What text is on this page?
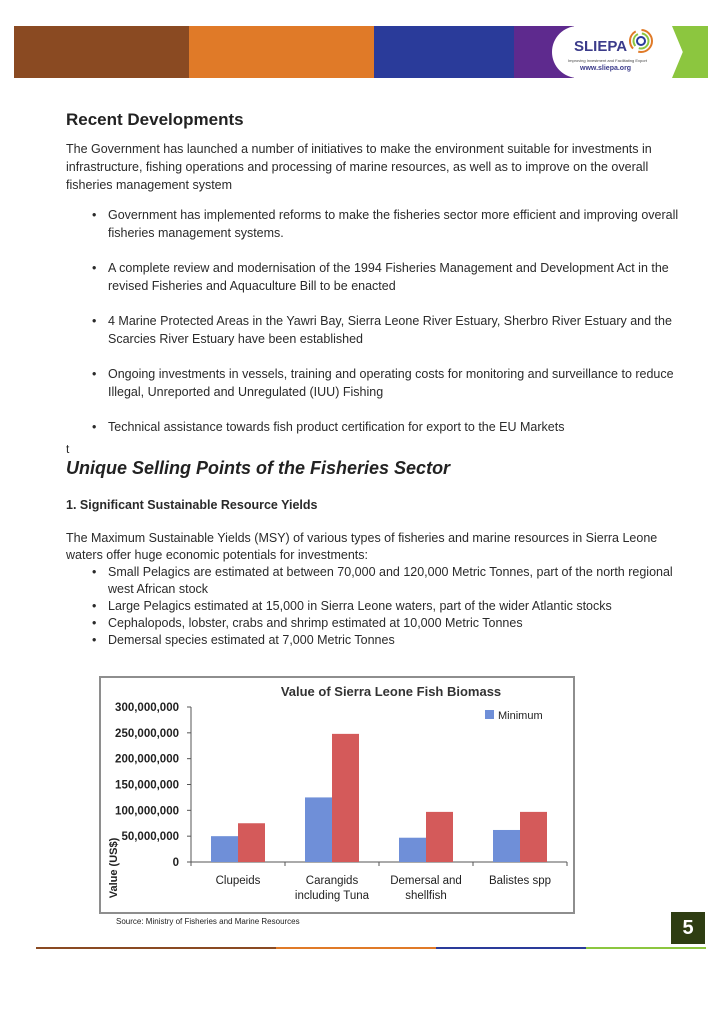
SLIEPA
Improving Investment and Facilitating Export
www.sliepa.org
Recent Developments

The Government has launched a number of initiatives to make the environment suitable for investments in infrastructure, fishing operations and processing of marine resources, as well as to improve on the overall fisheries management system

• Government has implemented reforms to make the fisheries sector more efficient and improving overall fisheries management systems.
• A complete review and modernisation of the 1994 Fisheries Management and Development Act in the revised Fisheries and Aquaculture Bill to be enacted
• 4 Marine Protected Areas in the Yawri Bay, Sierra Leone River Estuary, Sherbro River Estuary and the Scarcies River Estuary have been established
• Ongoing investments in vessels, training and operating costs for monitoring and surveillance to reduce Illegal, Unreported and Unregulated (IUU) Fishing
• Technical assistance towards fish product certification for export to the EU Markets
t
Unique Selling Points of the Fisheries Sector
1. Significant Sustainable Resource Yields

The Maximum Sustainable Yields (MSY) of various types of fisheries and marine resources in Sierra Leone waters offer huge economic potentials for investments:

• Small Pelagics are estimated at between 70,000 and 120,000 Metric Tonnes, part of the north regional west African stock
• Large Pelagics estimated at 15,000 in Sierra Leone waters, part of the wider Atlantic stocks
• Cephalopods, lobster, crabs and shrimp estimated at 10,000 Metric Tonnes
• Demersal species estimated at 7,000 Metric Tonnes
Value of Sierra Leone Fish Biomass
0
50,000,000
100,000,000
150,000,000
200,000,000
250,000,000
300,000,000
Value (US$)	Clupeids	Carangids
including Tuna
Demersal and
shellfish
Balistes spp
Minimum
Source: Ministry of Fisheries and Marine Resources	5
